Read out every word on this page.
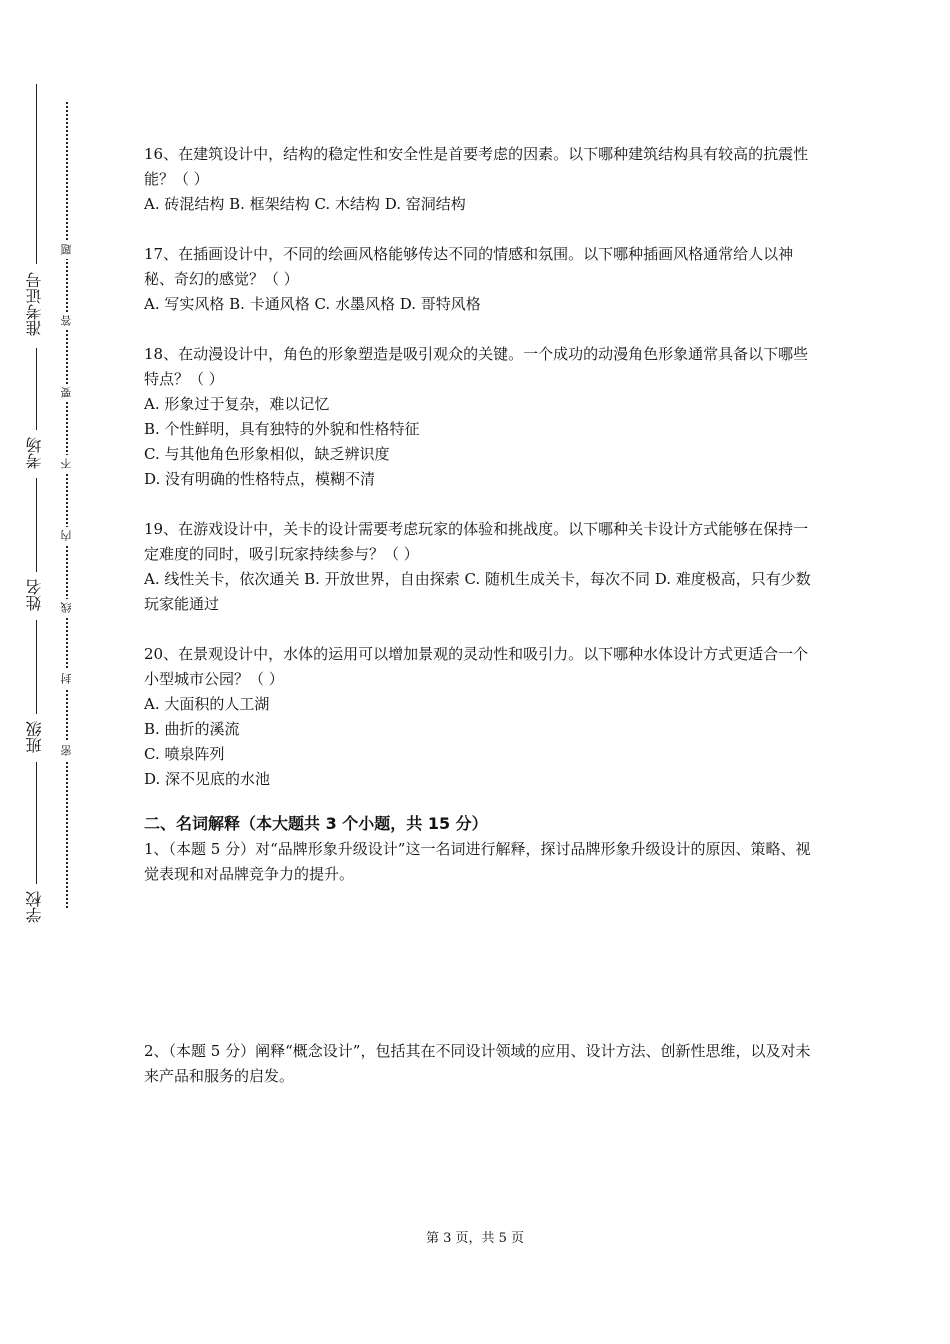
准考证号
考场
姓名
班级
学校
题
答
要
不
内
线
封
密

16、在建筑设计中，结构的稳定性和安全性是首要考虑的因素。以下哪种建筑结构具有较高的抗震性能？（ ）

A. 砖混结构 B. 框架结构 C. 木结构 D. 窑洞结构

17、在插画设计中，不同的绘画风格能够传达不同的情感和氛围。以下哪种插画风格通常给人以神秘、奇幻的感觉？（ ）

A. 写实风格 B. 卡通风格 C. 水墨风格 D. 哥特风格

18、在动漫设计中，角色的形象塑造是吸引观众的关键。一个成功的动漫角色形象通常具备以下哪些特点？（ ）

A. 形象过于复杂，难以记忆

B. 个性鲜明，具有独特的外貌和性格特征

C. 与其他角色形象相似，缺乏辨识度

D. 没有明确的性格特点，模糊不清

19、在游戏设计中，关卡的设计需要考虑玩家的体验和挑战度。以下哪种关卡设计方式能够在保持一定难度的同时，吸引玩家持续参与？（ ）

A. 线性关卡，依次通关 B. 开放世界，自由探索 C. 随机生成关卡，每次不同 D. 难度极高，只有少数玩家能通过

20、在景观设计中，水体的运用可以增加景观的灵动性和吸引力。以下哪种水体设计方式更适合一个小型城市公园？（ ）

A. 大面积的人工湖

B. 曲折的溪流

C. 喷泉阵列

D. 深不见底的水池

二、名词解释（本大题共 3 个小题，共 15 分）

1、（本题 5 分）对“品牌形象升级设计”这一名词进行解释，探讨品牌形象升级设计的原因、策略、视觉表现和对品牌竞争力的提升。

2、（本题 5 分）阐释“概念设计”，包括其在不同设计领域的应用、设计方法、创新性思维，以及对未来产品和服务的启发。

第 3 页，共 5 页
